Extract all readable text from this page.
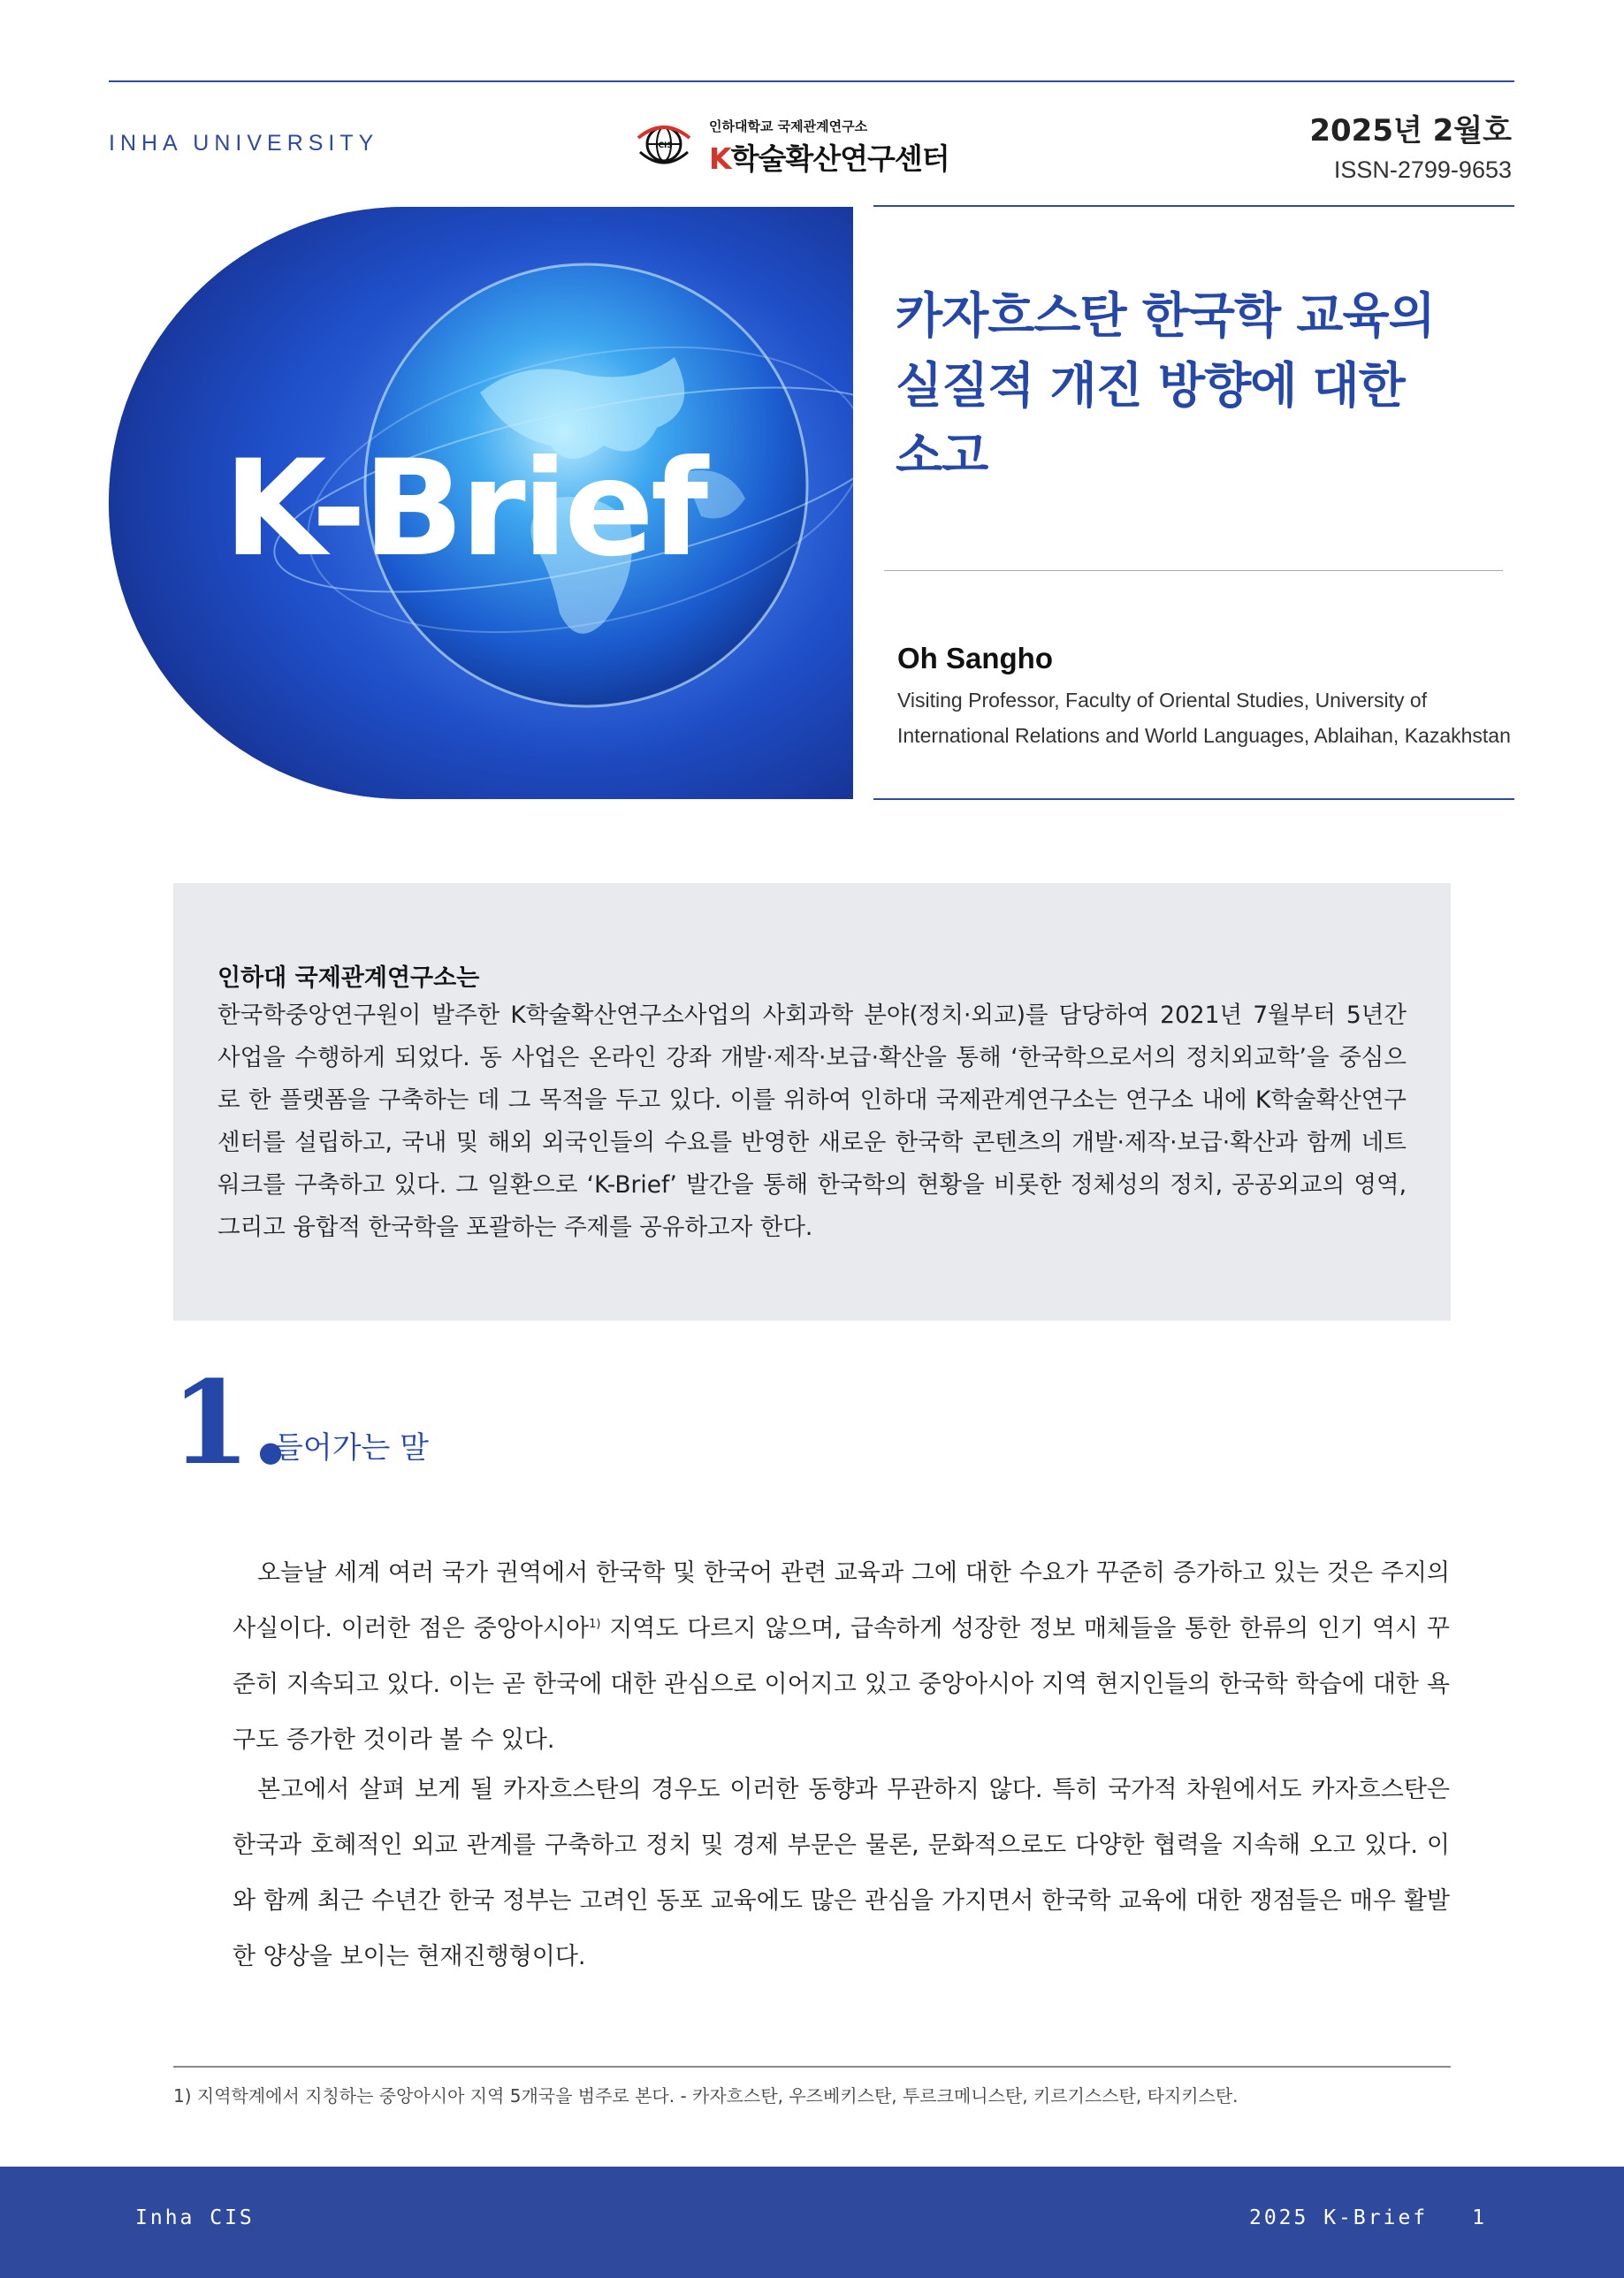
INHA UNIVERSITY	ICIS
인하대학교 국제관계연구소
K학술확산연구센터
2025년 2월호
ISSN-2799-9653
K-Brief
카자흐스탄 한국학 교육의
실질적 개진 방향에 대한
소고
Oh Sangho
Visiting Professor, Faculty of Oriental Studies, University of International Relations and World Languages, Ablaihan, Kazakhstan
인하대 국제관계연구소는
한국학중앙연구원이 발주한 K학술확산연구소사업의 사회과학 분야(정치·외교)를 담당하여 2021년 7월부터 5년간 사업을 수행하게 되었다. 동 사업은 온라인 강좌 개발·제작·보급·확산을 통해 ‘한국학으로서의 정치외교학’을 중심으로 한 플랫폼을 구축하는 데 그 목적을 두고 있다. 이를 위하여 인하대 국제관계연구소는 연구소 내에 K학술확산연구센터를 설립하고, 국내 및 해외 외국인들의 수요를 반영한 새로운 한국학 콘텐츠의 개발·제작·보급·확산과 함께 네트워크를 구축하고 있다. 그 일환으로 ‘K-Brief’ 발간을 통해 한국학의 현황을 비롯한 정체성의 정치, 공공외교의 영역, 그리고 융합적 한국학을 포괄하는 주제를 공유하고자 한다.
1.
들어가는 말
오늘날 세계 여러 국가 권역에서 한국학 및 한국어 관련 교육과 그에 대한 수요가 꾸준히 증가하고 있는 것은 주지의 사실이다. 이러한 점은 중앙아시아$^{1)}$ 지역도 다르지 않으며, 급속하게 성장한 정보 매체들을 통한 한류의 인기 역시 꾸준히 지속되고 있다. 이는 곧 한국에 대한 관심으로 이어지고 있고 중앙아시아 지역 현지인들의 한국학 학습에 대한 욕구도 증가한 것이라 볼 수 있다.
본고에서 살펴 보게 될 카자흐스탄의 경우도 이러한 동향과 무관하지 않다. 특히 국가적 차원에서도 카자흐스탄은 한국과 호혜적인 외교 관계를 구축하고 정치 및 경제 부문은 물론, 문화적으로도 다양한 협력을 지속해 오고 있다. 이와 함께 최근 수년간 한국 정부는 고려인 동포 교육에도 많은 관심을 가지면서 한국학 교육에 대한 쟁점들은 매우 활발한 양상을 보이는 현재진행형이다.
1) 지역학계에서 지칭하는 중앙아시아 지역 5개국을 범주로 본다. - 카자흐스탄, 우즈베키스탄, 투르크메니스탄, 키르기스스탄, 타지키스탄.
Inha CIS	2025 K-Brief 1
